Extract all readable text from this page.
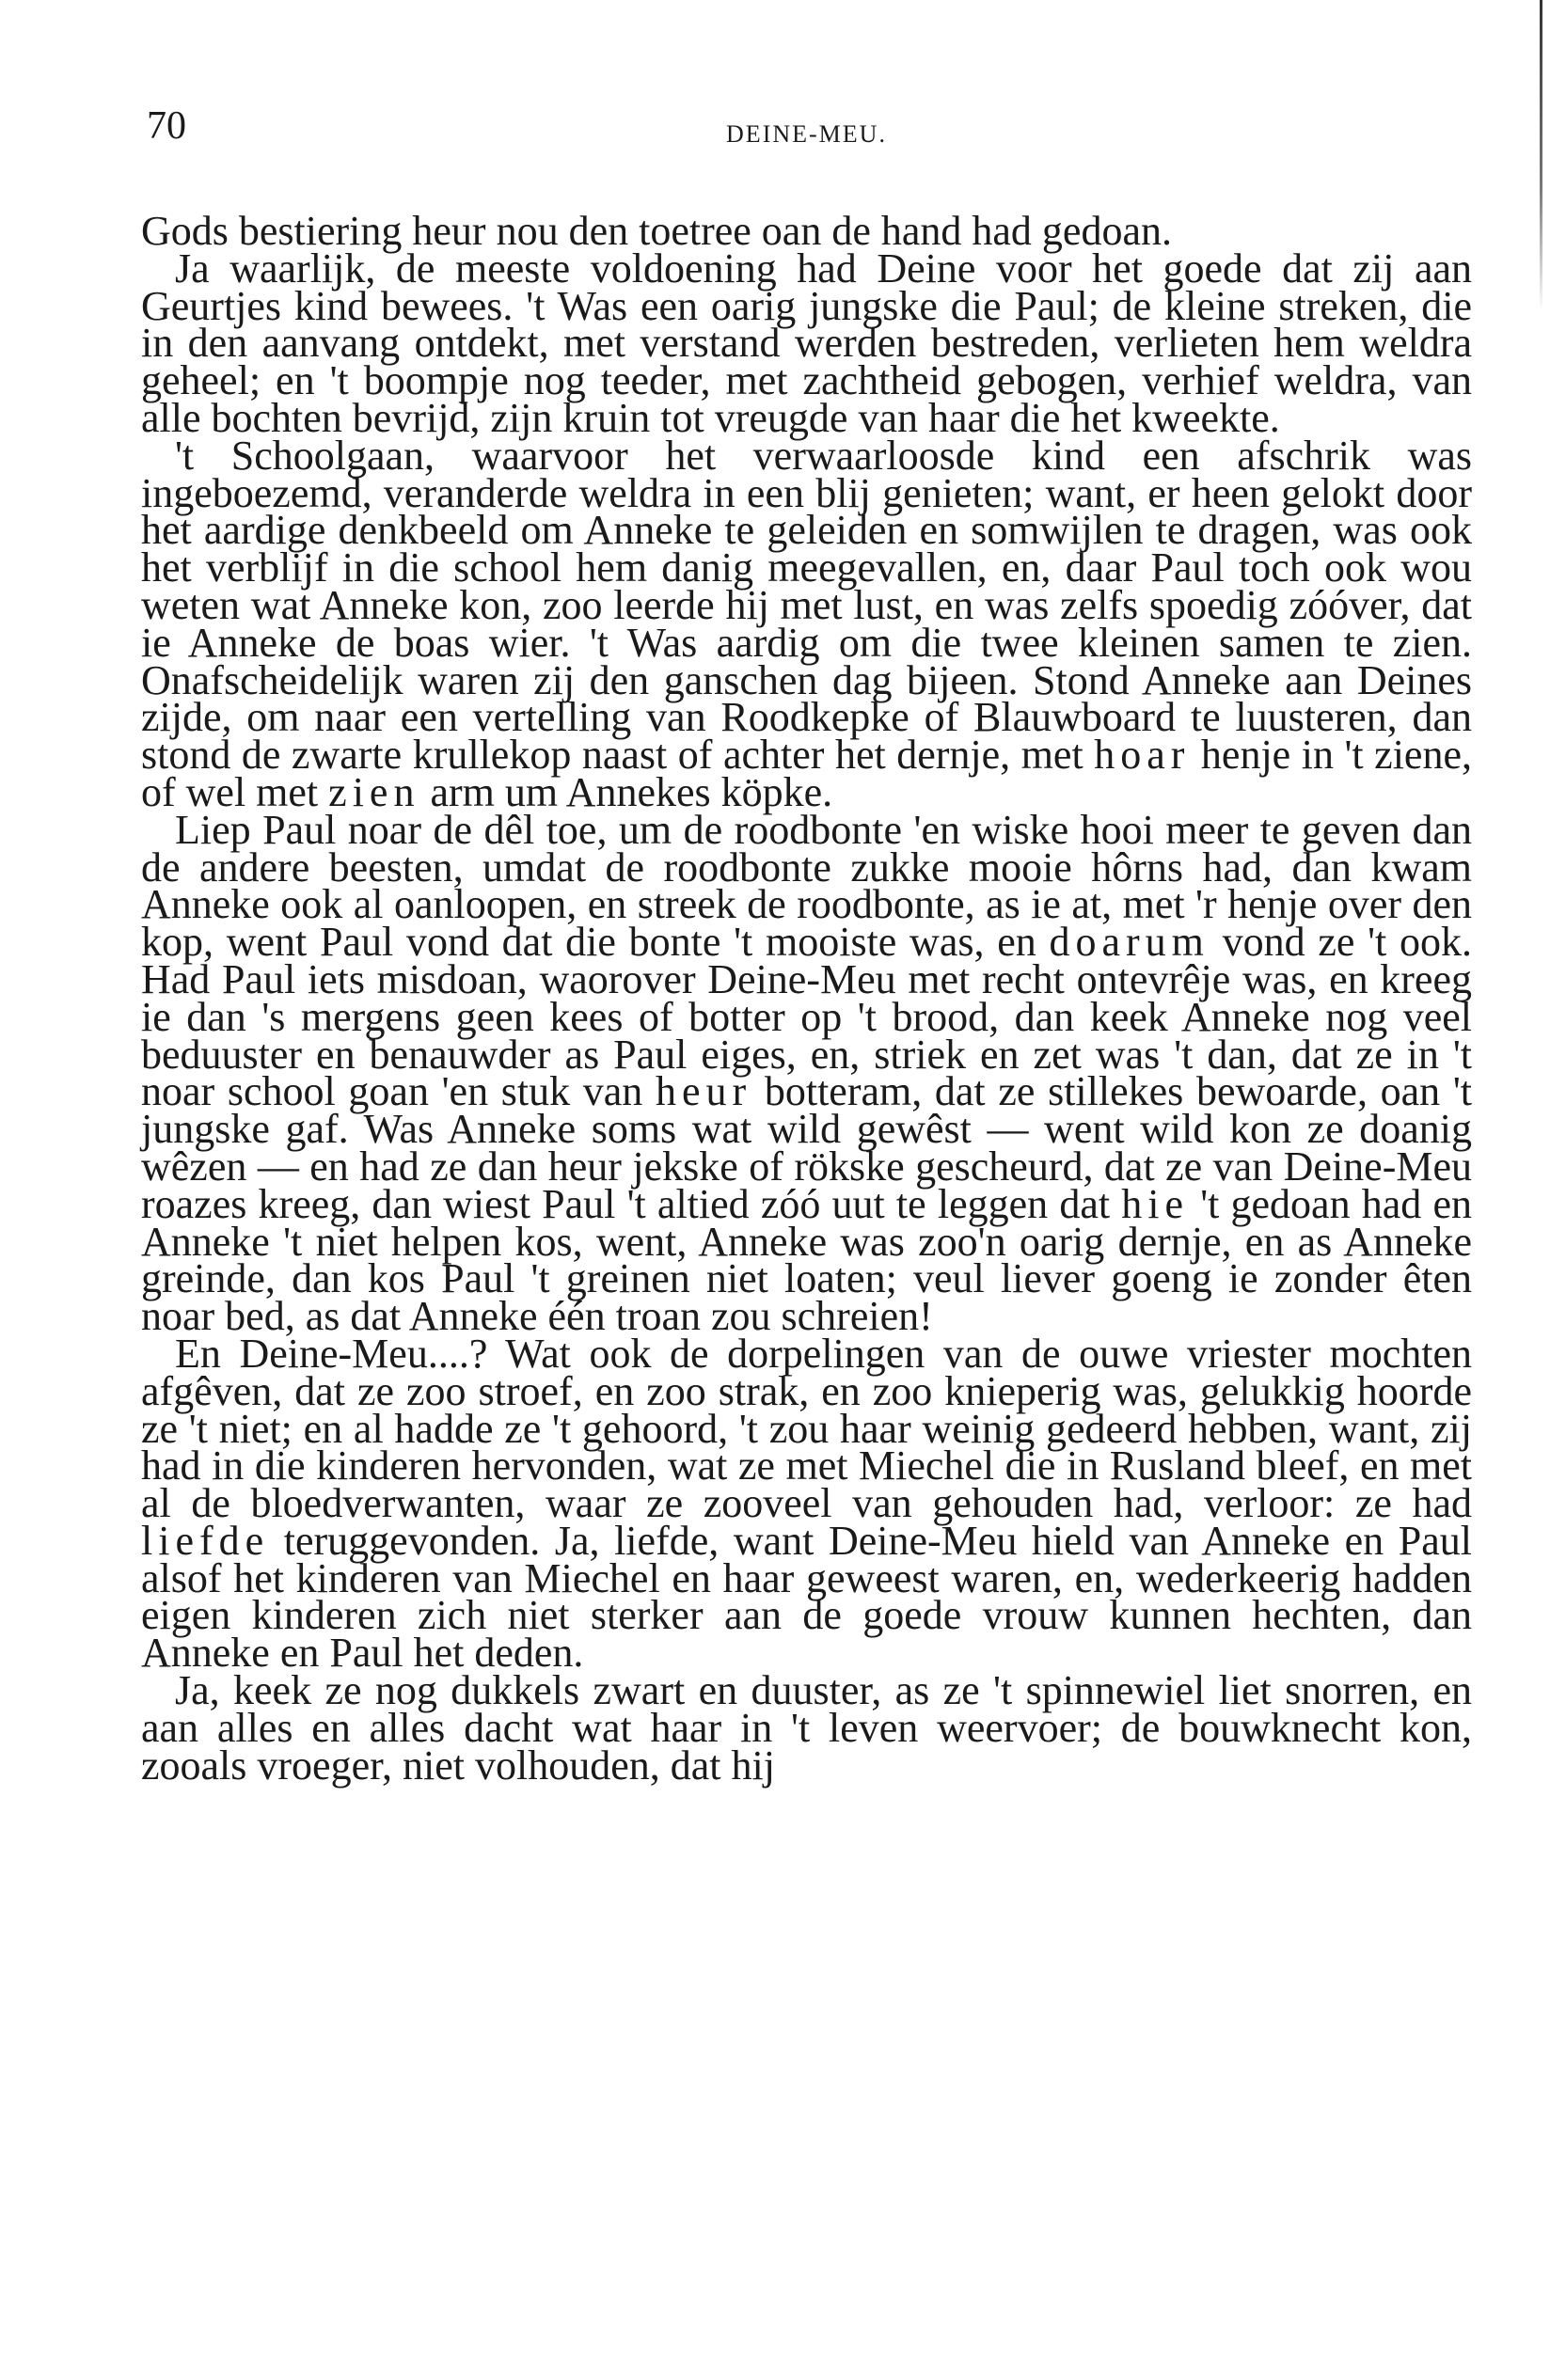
70	DEINE-MEU.

Gods bestiering heur nou den toetree oan de hand had gedoan.

Ja waarlijk, de meeste voldoening had Deine voor het goede dat zij aan Geurtjes kind bewees. 't Was een oarig jungske die Paul; de kleine streken, die in den aanvang ontdekt, met verstand werden bestreden, verlieten hem weldra geheel; en 't boompje nog teeder, met zachtheid gebogen, verhief weldra, van alle bochten bevrijd, zijn kruin tot vreugde van haar die het kweekte.

't Schoolgaan, waarvoor het verwaarloosde kind een afschrik was ingeboezemd, veranderde weldra in een blij genieten; want, er heen gelokt door het aardige denkbeeld om Anneke te geleiden en somwijlen te dragen, was ook het verblijf in die school hem danig meegevallen, en, daar Paul toch ook wou weten wat Anneke kon, zoo leerde hij met lust, en was zelfs spoedig zóóver, dat ie Anneke de boas wier. 't Was aardig om die twee kleinen samen te zien. Onafscheidelijk waren zij den ganschen dag bijeen. Stond Anneke aan Deines zijde, om naar een vertelling van Roodkepke of Blauwboard te luusteren, dan stond de zwarte krullekop naast of achter het dernje, met hoar henje in 't ziene, of wel met zien arm um Annekes köpke.

Liep Paul noar de dêl toe, um de roodbonte 'en wiske hooi meer te geven dan de andere beesten, umdat de roodbonte zukke mooie hôrns had, dan kwam Anneke ook al oanloopen, en streek de roodbonte, as ie at, met 'r henje over den kop, went Paul vond dat die bonte 't mooiste was, en doarum vond ze 't ook. Had Paul iets misdoan, waorover Deine-Meu met recht ontevrêje was, en kreeg ie dan 's mergens geen kees of botter op 't brood, dan keek Anneke nog veel beduuster en benauwder as Paul eiges, en, striek en zet was 't dan, dat ze in 't noar school goan 'en stuk van heur botteram, dat ze stillekes bewoarde, oan 't jungske gaf. Was Anneke soms wat wild gewêst — went wild kon ze doanig wêzen — en had ze dan heur jekske of rökske gescheurd, dat ze van Deine-Meu roazes kreeg, dan wiest Paul 't altied zóó uut te leggen dat hie 't gedoan had en Anneke 't niet helpen kos, went, Anneke was zoo'n oarig dernje, en as Anneke greinde, dan kos Paul 't greinen niet loaten; veul liever goeng ie zonder êten noar bed, as dat Anneke één troan zou schreien!

En Deine-Meu....? Wat ook de dorpelingen van de ouwe vriester mochten afgêven, dat ze zoo stroef, en zoo strak, en zoo knieperig was, gelukkig hoorde ze 't niet; en al hadde ze 't gehoord, 't zou haar weinig gedeerd hebben, want, zij had in die kinderen hervonden, wat ze met Miechel die in Rusland bleef, en met al de bloedverwanten, waar ze zooveel van gehouden had, verloor: ze had liefde teruggevonden. Ja, liefde, want Deine-Meu hield van Anneke en Paul alsof het kinderen van Miechel en haar geweest waren, en, wederkeerig hadden eigen kinderen zich niet sterker aan de goede vrouw kunnen hechten, dan Anneke en Paul het deden.

Ja, keek ze nog dukkels zwart en duuster, as ze 't spinnewiel liet snorren, en aan alles en alles dacht wat haar in 't leven weervoer; de bouwknecht kon, zooals vroeger, niet volhouden, dat hij
